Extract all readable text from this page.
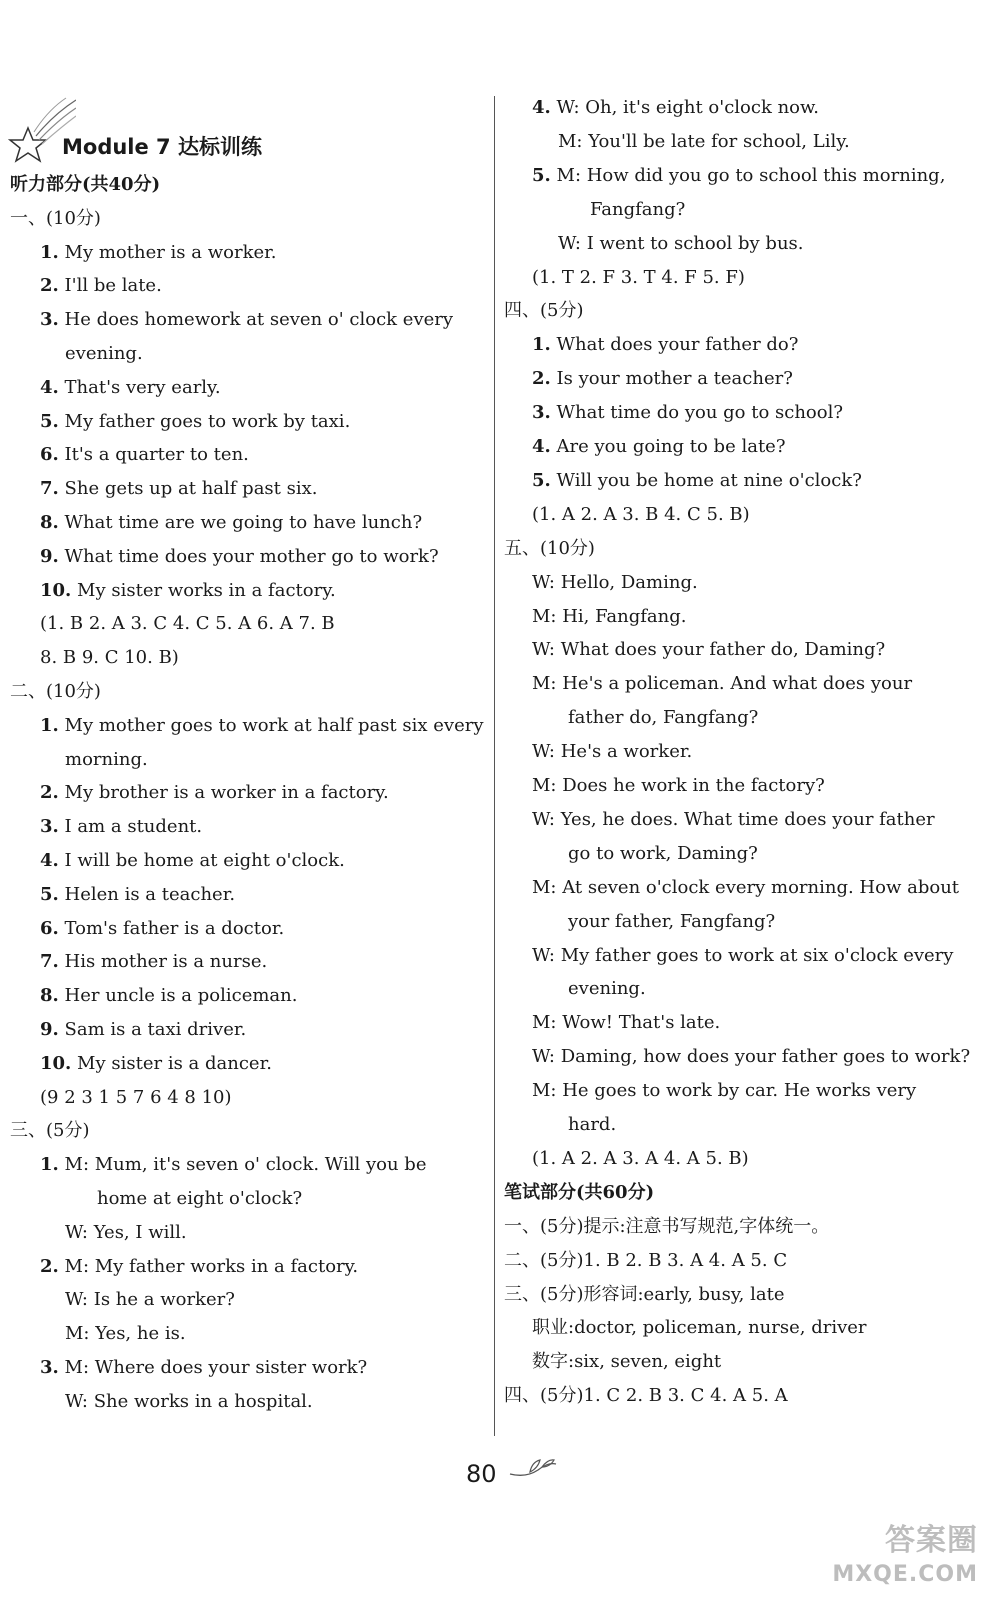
Module 7 达标训练
听力部分(共40分)
一、(10分)
1. My mother is a worker.
2. I'll be late.
3. He does homework at seven o' clock every
evening.
4. That's very early.
5. My father goes to work by taxi.
6. It's a quarter to ten.
7. She gets up at half past six.
8. What time are we going to have lunch?
9. What time does your mother go to work?
10. My sister works in a factory.
(1. B 2. A 3. C 4. C 5. A 6. A 7. B
8. B 9. C 10. B)
二、(10分)
1. My mother goes to work at half past six every
morning.
2. My brother is a worker in a factory.
3. I am a student.
4. I will be home at eight o'clock.
5. Helen is a teacher.
6. Tom's father is a doctor.
7. His mother is a nurse.
8. Her uncle is a policeman.
9. Sam is a taxi driver.
10. My sister is a dancer.
(9 2 3 1 5 7 6 4 8 10)
三、(5分)
1. M: Mum, it's seven o' clock. Will you be
home at eight o'clock?
W: Yes, I will.
2. M: My father works in a factory.
W: Is he a worker?
M: Yes, he is.
3. M: Where does your sister work?
W: She works in a hospital.
4. W: Oh, it's eight o'clock now.
M: You'll be late for school, Lily.
5. M: How did you go to school this morning,
Fangfang?
W: I went to school by bus.
(1. T 2. F 3. T 4. F 5. F)
四、(5分)
1. What does your father do?
2. Is your mother a teacher?
3. What time do you go to school?
4. Are you going to be late?
5. Will you be home at nine o'clock?
(1. A 2. A 3. B 4. C 5. B)
五、(10分)
W: Hello, Daming.
M: Hi, Fangfang.
W: What does your father do, Daming?
M: He's a policeman. And what does your
father do, Fangfang?
W: He's a worker.
M: Does he work in the factory?
W: Yes, he does. What time does your father
go to work, Daming?
M: At seven o'clock every morning. How about
your father, Fangfang?
W: My father goes to work at six o'clock every
evening.
M: Wow! That's late.
W: Daming, how does your father goes to work?
M: He goes to work by car. He works very
hard.
(1. A 2. A 3. A 4. A 5. B)
笔试部分(共60分)
一、(5分)提示:注意书写规范,字体统一。
二、(5分)1. B 2. B 3. A 4. A 5. C
三、(5分)形容词:early, busy, late
职业:doctor, policeman, nurse, driver
数字:six, seven, eight
四、(5分)1. C 2. B 3. C 4. A 5. A
80
答案圈
MXQE.COM
